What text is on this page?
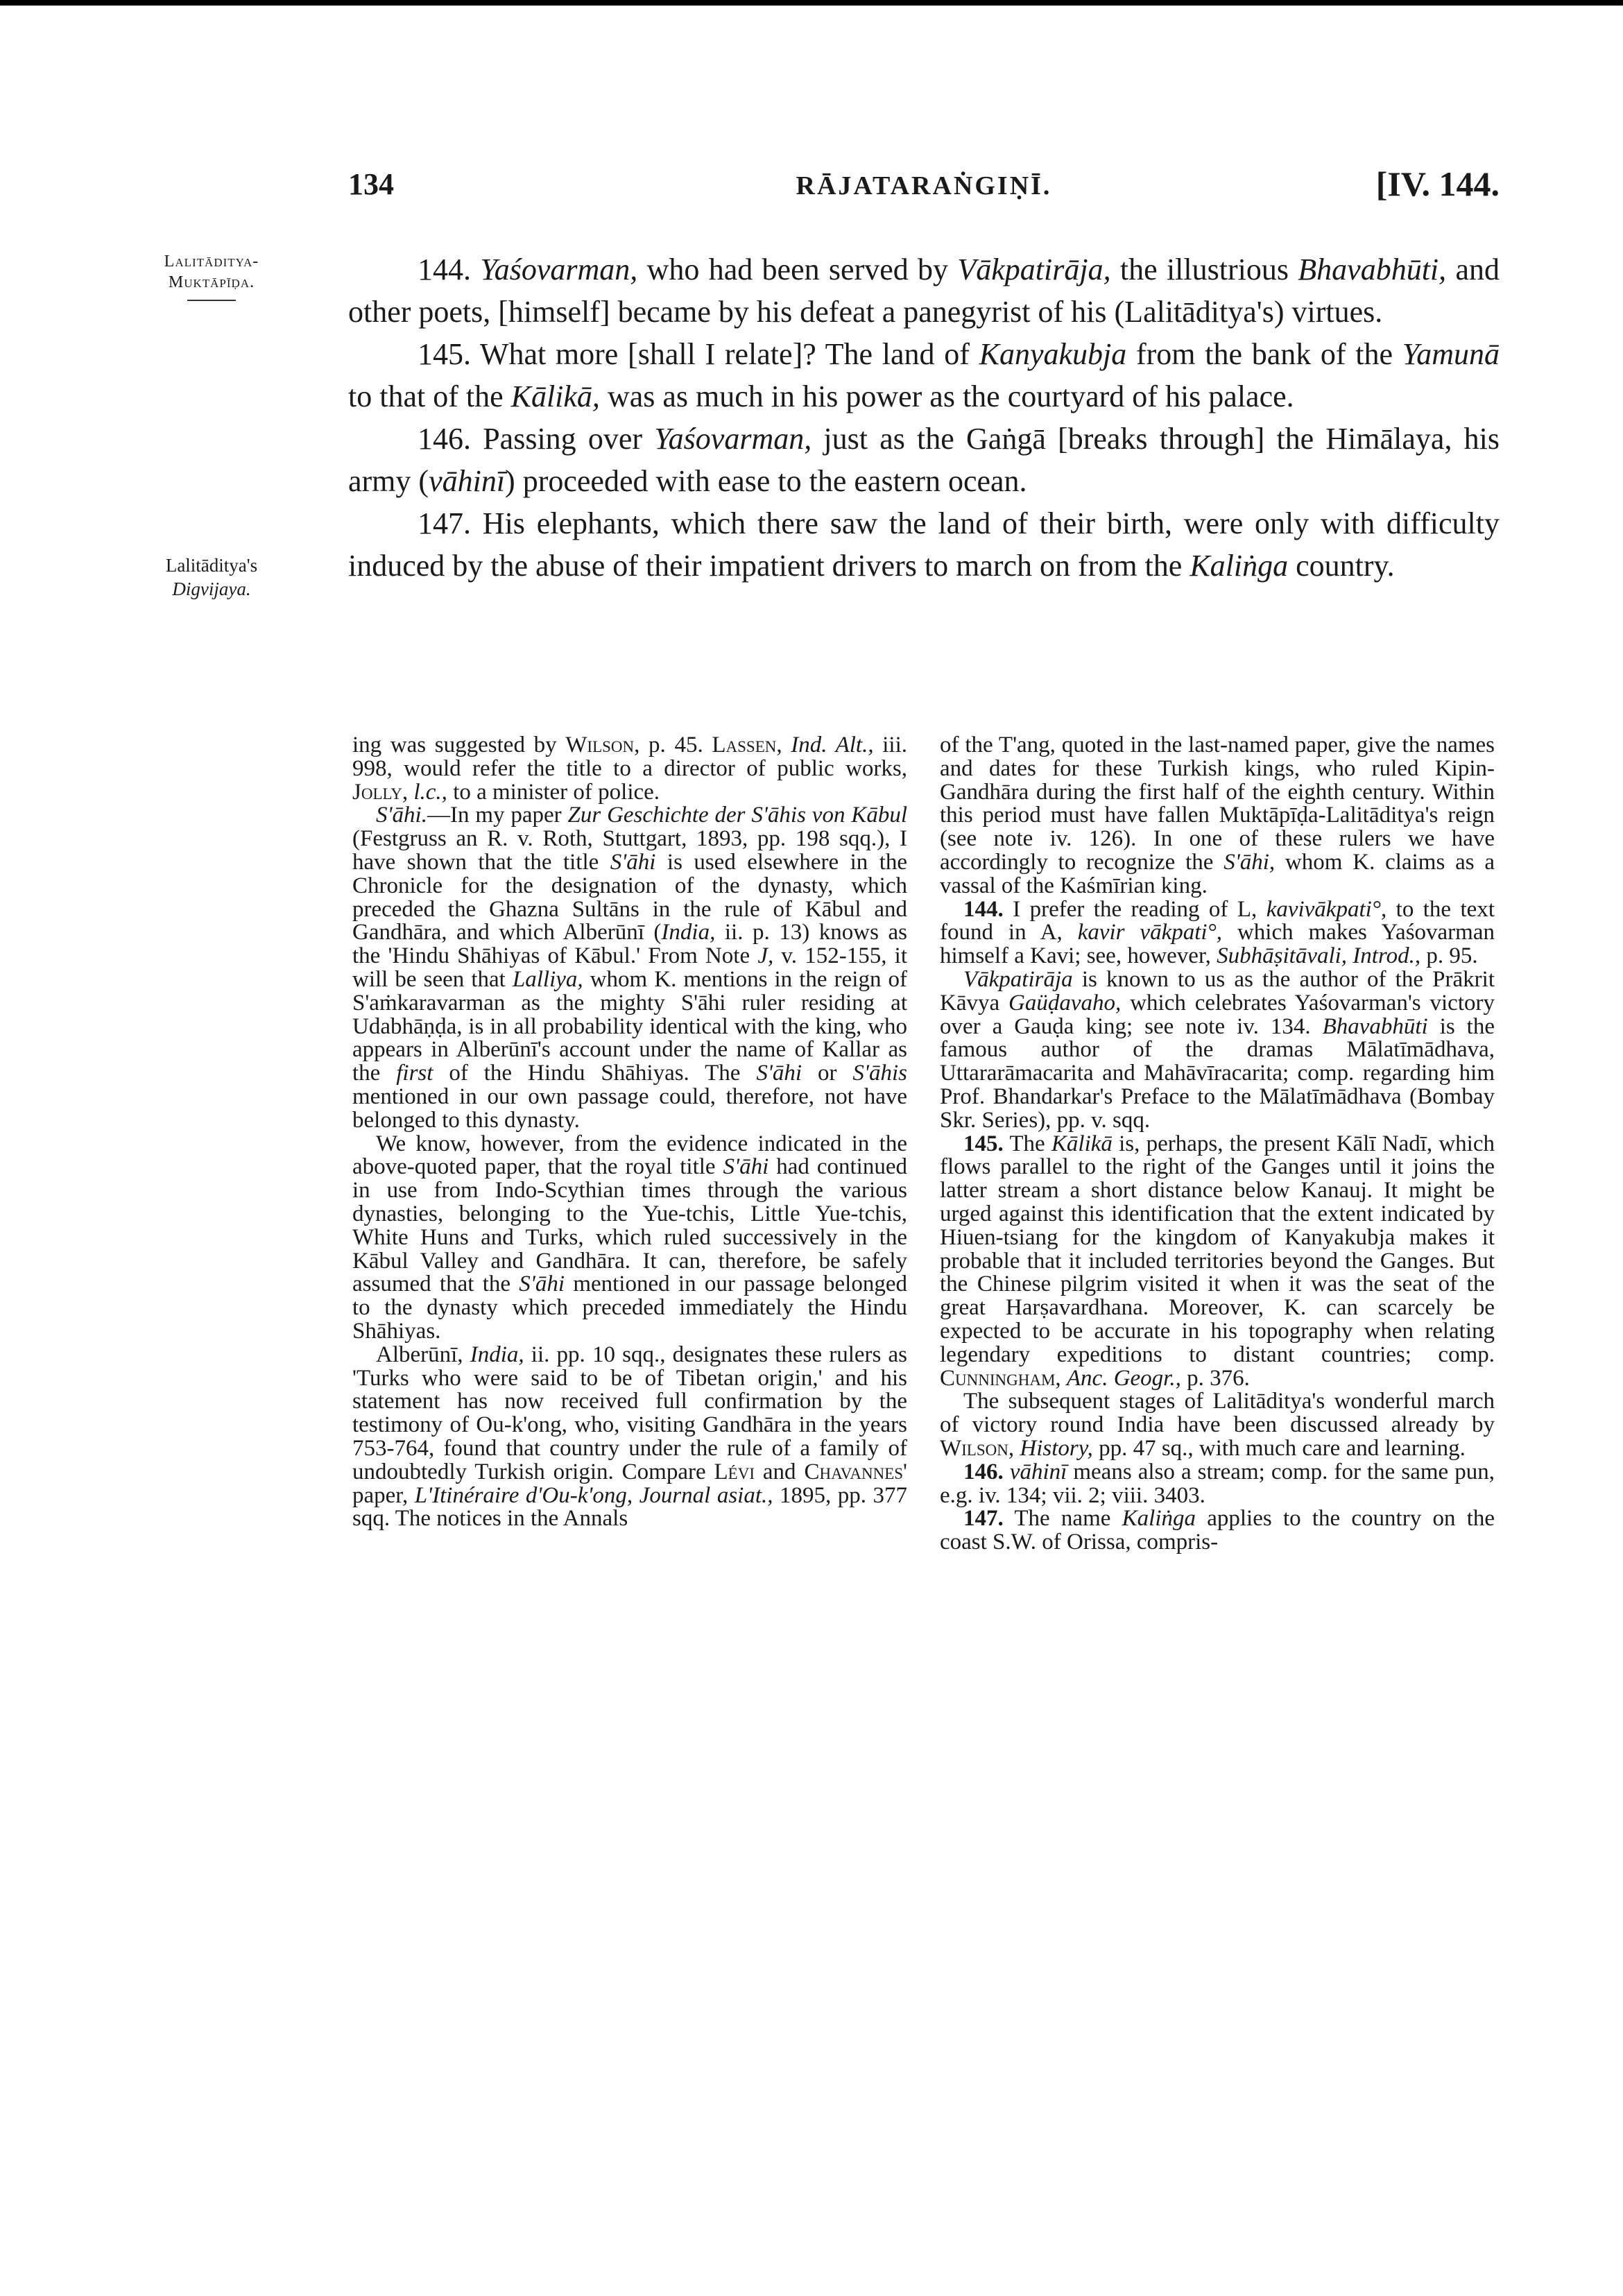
134	RĀJATARAṄGIṆĪ.	[IV. 144.
Lalitāditya-Muktāpīḍa.
Lalitāditya's
Digvijaya.

144. Yaśovarman, who had been served by Vākpatirāja, the illustrious Bhavabhūti, and other poets, [himself] became by his defeat a panegyrist of his (Lalitāditya's) virtues.

145. What more [shall I relate]? The land of Kanyakubja from the bank of the Yamunā to that of the Kālikā, was as much in his power as the courtyard of his palace.

146. Passing over Yaśovarman, just as the Gaṅgā [breaks through] the Himālaya, his army (vāhinī) proceeded with ease to the eastern ocean.

147. His elephants, which there saw the land of their birth, were only with difficulty induced by the abuse of their impatient drivers to march on from the Kaliṅga country.

ing was suggested by Wilson, p. 45. Lassen, Ind. Alt., iii. 998, would refer the title to a director of public works, Jolly, l.c., to a minister of police.

S'āhi.—In my paper Zur Geschichte der S'āhis von Kābul (Festgruss an R. v. Roth, Stuttgart, 1893, pp. 198 sqq.), I have shown that the title S'āhi is used elsewhere in the Chronicle for the designation of the dynasty, which preceded the Ghazna Sultāns in the rule of Kābul and Gandhāra, and which Alberūnī (India, ii. p. 13) knows as the 'Hindu Shāhiyas of Kābul.' From Note J, v. 152-155, it will be seen that Lalliya, whom K. mentions in the reign of S'aṁkaravarman as the mighty S'āhi ruler residing at Udabhāṇḍa, is in all probability identical with the king, who appears in Alberūnī's account under the name of Kallar as the first of the Hindu Shāhiyas. The S'āhi or S'āhis mentioned in our own passage could, therefore, not have belonged to this dynasty.

We know, however, from the evidence indicated in the above-quoted paper, that the royal title S'āhi had continued in use from Indo-Scythian times through the various dynasties, belonging to the Yue-tchis, Little Yue-tchis, White Huns and Turks, which ruled successively in the Kābul Valley and Gandhāra. It can, therefore, be safely assumed that the S'āhi mentioned in our passage belonged to the dynasty which preceded immediately the Hindu Shāhiyas.

Alberūnī, India, ii. pp. 10 sqq., designates these rulers as 'Turks who were said to be of Tibetan origin,' and his statement has now received full confirmation by the testimony of Ou-k'ong, who, visiting Gandhāra in the years 753-764, found that country under the rule of a family of undoubtedly Turkish origin. Compare Lévi and Chavannes' paper, L'Itinéraire d'Ou-k'ong, Journal asiat., 1895, pp. 377 sqq. The notices in the Annals

of the T'ang, quoted in the last-named paper, give the names and dates for these Turkish kings, who ruled Kipin-Gandhāra during the first half of the eighth century. Within this period must have fallen Muktāpīḍa-Lalitāditya's reign (see note iv. 126). In one of these rulers we have accordingly to recognize the S'āhi, whom K. claims as a vassal of the Kaśmīrian king.

144. I prefer the reading of L, kavivākpati°, to the text found in A, kavir vākpati°, which makes Yaśovarman himself a Kavi; see, however, Subhāṣitāvali, Introd., p. 95.

Vākpatirāja is known to us as the author of the Prākrit Kāvya Gaüḍavaho, which celebrates Yaśovarman's victory over a Gauḍa king; see note iv. 134. Bhavabhūti is the famous author of the dramas Mālatīmādhava, Uttararāmacarita and Mahāvīracarita; comp. regarding him Prof. Bhandarkar's Preface to the Mālatīmādhava (Bombay Skr. Series), pp. v. sqq.

145. The Kālikā is, perhaps, the present Kālī Nadī, which flows parallel to the right of the Ganges until it joins the latter stream a short distance below Kanauj. It might be urged against this identification that the extent indicated by Hiuen-tsiang for the kingdom of Kanyakubja makes it probable that it included territories beyond the Ganges. But the Chinese pilgrim visited it when it was the seat of the great Harṣavardhana. Moreover, K. can scarcely be expected to be accurate in his topography when relating legendary expeditions to distant countries; comp. Cunningham, Anc. Geogr., p. 376.

The subsequent stages of Lalitāditya's wonderful march of victory round India have been discussed already by Wilson, History, pp. 47 sq., with much care and learning.

146. vāhinī means also a stream; comp. for the same pun, e.g. iv. 134; vii. 2; viii. 3403.

147. The name Kaliṅga applies to the country on the coast S.W. of Orissa, compris-
